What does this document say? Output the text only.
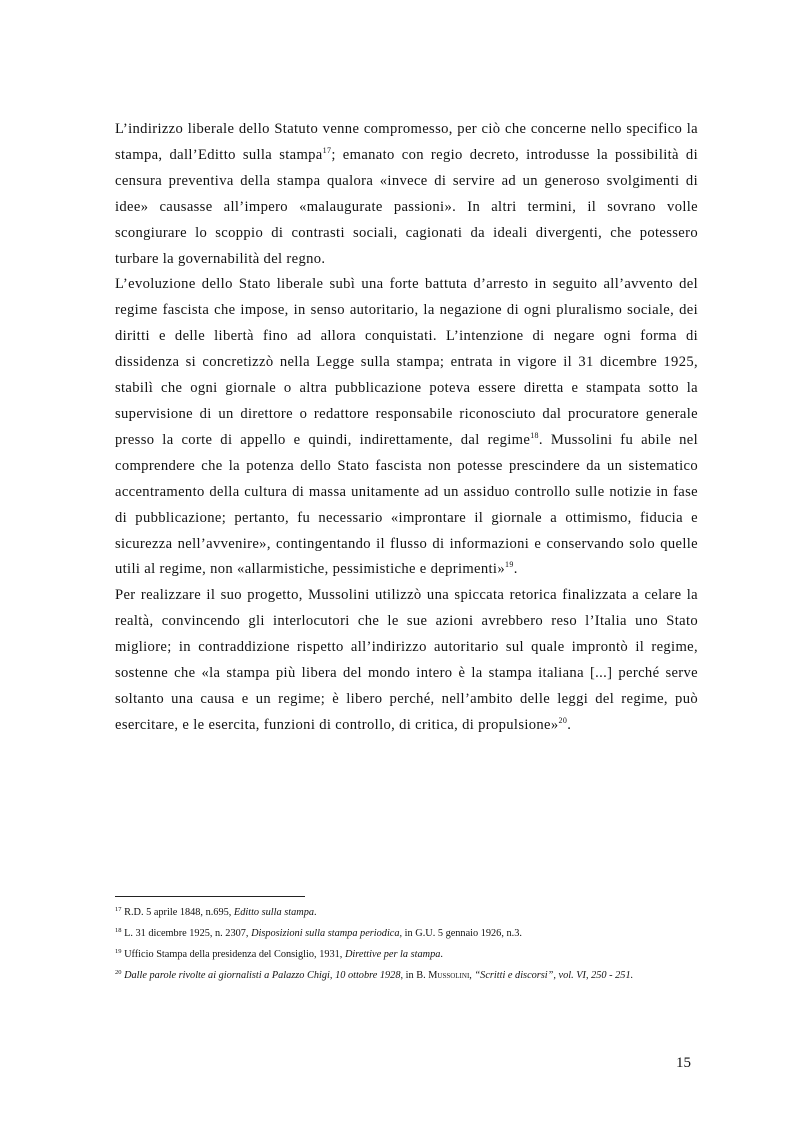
L’indirizzo liberale dello Statuto venne compromesso, per ciò che concerne nello specifico la stampa, dall’Editto sulla stampa$^{17}$; emanato con regio decreto, introdusse la possibilità di censura preventiva della stampa qualora «invece di servire ad un generoso svolgimenti di idee» causasse all’impero «malaugurate passioni». In altri termini, il sovrano volle scongiurare lo scoppio di contrasti sociali, cagionati da ideali divergenti, che potessero turbare la governabilità del regno.

L’evoluzione dello Stato liberale subì una forte battuta d’arresto in seguito all’avvento del regime fascista che impose, in senso autoritario, la negazione di ogni pluralismo sociale, dei diritti e delle libertà fino ad allora conquistati. L’intenzione di negare ogni forma di dissidenza si concretizzò nella Legge sulla stampa; entrata in vigore il 31 dicembre 1925, stabilì che ogni giornale o altra pubblicazione poteva essere diretta e stampata sotto la supervisione di un direttore o redattore responsabile riconosciuto dal procuratore generale presso la corte di appello e quindi, indirettamente, dal regime$^{18}$. Mussolini fu abile nel comprendere che la potenza dello Stato fascista non potesse prescindere da un sistematico accentramento della cultura di massa unitamente ad un assiduo controllo sulle notizie in fase di pubblicazione; pertanto, fu necessario «improntare il giornale a ottimismo, fiducia e sicurezza nell’avvenire», contingentando il flusso di informazioni e conservando solo quelle utili al regime, non «allarmistiche, pessimistiche e deprimenti»$^{19}$.

Per realizzare il suo progetto, Mussolini utilizzò una spiccata retorica finalizzata a celare la realtà, convincendo gli interlocutori che le sue azioni avrebbero reso l’Italia uno Stato migliore; in contraddizione rispetto all’indirizzo autoritario sul quale improntò il regime, sostenne che «la stampa più libera del mondo intero è la stampa italiana [...] perché serve soltanto una causa e un regime; è libero perché, nell’ambito delle leggi del regime, può esercitare, e le esercita, funzioni di controllo, di critica, di propulsione»$^{20}$.

$^{17}$ R.D. 5 aprile 1848, n.695, Editto sulla stampa.
$^{18}$ L. 31 dicembre 1925, n. 2307, Disposizioni sulla stampa periodica, in G.U. 5 gennaio 1926, n.3.
$^{19}$ Ufficio Stampa della presidenza del Consiglio, 1931, Direttive per la stampa.
$^{20}$ Dalle parole rivolte ai giornalisti a Palazzo Chigi, 10 ottobre 1928, in B. Mussolini, “Scritti e discorsi”, vol. VI, 250 - 251.
15
